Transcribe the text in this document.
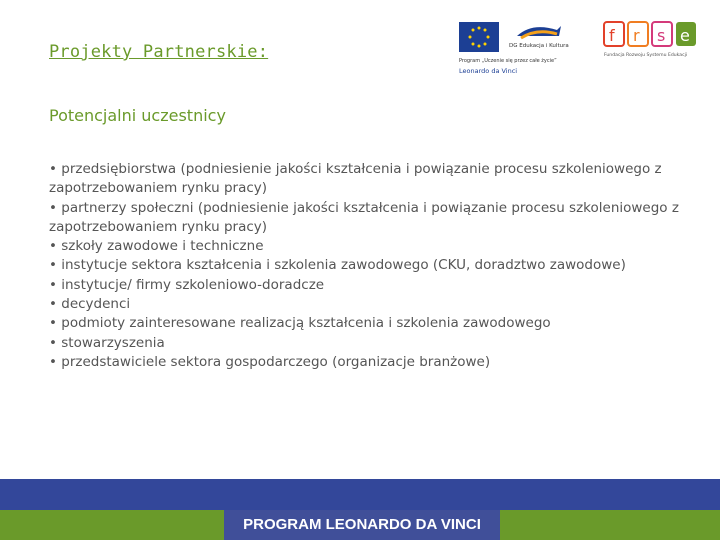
Projekty Partnerskie:
Potencjalni uczestnicy
• przedsiębiorstwa (podniesienie jakości kształcenia i powiązanie procesu szkoleniowego z zapotrzebowaniem rynku pracy)
• partnerzy społeczni (podniesienie jakości kształcenia i powiązanie procesu szkoleniowego z zapotrzebowaniem rynku pracy)
• szkoły zawodowe i techniczne
• instytucje sektora kształcenia i szkolenia zawodowego (CKU, doradztwo zawodowe)
• instytucje/ firmy szkoleniowo-doradcze
• decydenci
• podmioty zainteresowane realizacją kształcenia i szkolenia zawodowego
• stowarzyszenia
• przedstawiciele sektora gospodarczego (organizacje branżowe)
DG Edukacja i Kultura
Program „Uczenie się przez całe życie”
Leonardo da Vinci
f r s e
Fundacja Rozwoju Systemu Edukacji
PROGRAM LEONARDO DA VINCI
